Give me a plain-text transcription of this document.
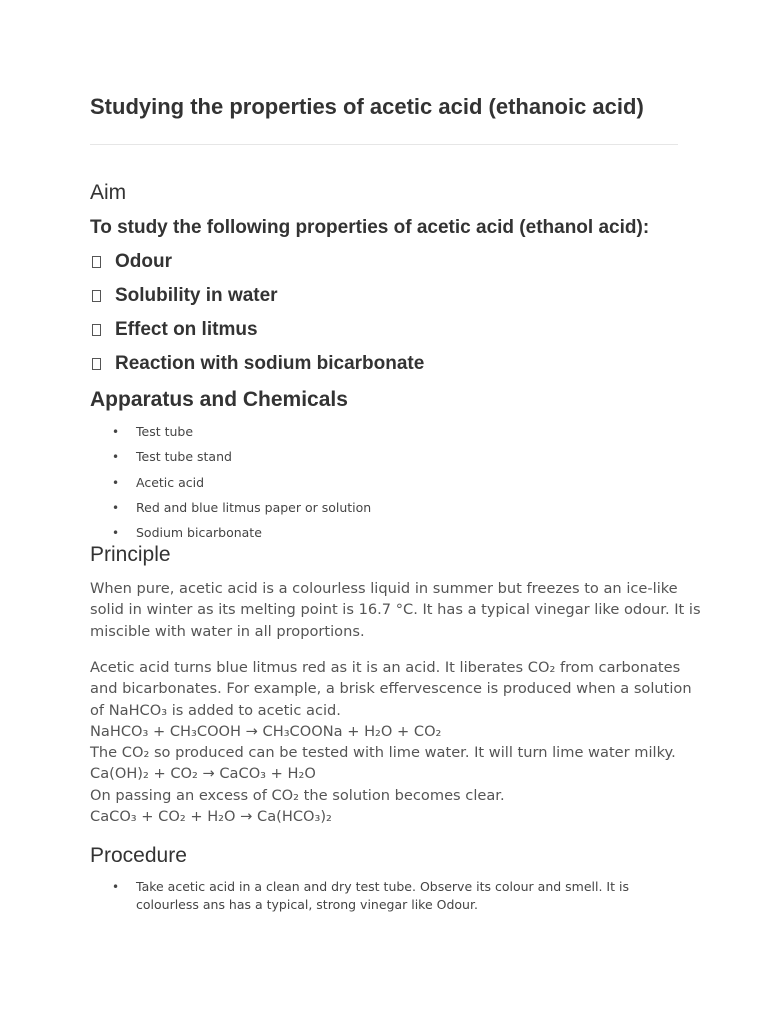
Studying the properties of acetic acid (ethanoic acid)
Aim
To study the following properties of acetic acid (ethanol acid):
Odour
Solubility in water
Effect on litmus
Reaction with sodium bicarbonate
Apparatus and Chemicals
• Test tube
• Test tube stand
• Acetic acid
• Red and blue litmus paper or solution
• Sodium bicarbonate
Principle
When pure, acetic acid is a colourless liquid in summer but freezes to an ice-like
solid in winter as its melting point is 16.7 °C. It has a typical vinegar like odour. It is
miscible with water in all proportions.
Acetic acid turns blue litmus red as it is an acid. It liberates CO₂ from carbonates
and bicarbonates. For example, a brisk effervescence is produced when a solution
of NaHCO₃ is added to acetic acid.
NaHCO₃ + CH₃COOH → CH₃COONa + H₂O + CO₂
The CO₂ so produced can be tested with lime water. It will turn lime water milky.
Ca(OH)₂ + CO₂ → CaCO₃ + H₂O
On passing an excess of CO₂ the solution becomes clear.
CaCO₃ + CO₂ + H₂O → Ca(HCO₃)₂
Procedure
• Take acetic acid in a clean and dry test tube. Observe its colour and smell. It is colourless ans has a typical, strong vinegar like Odour.
